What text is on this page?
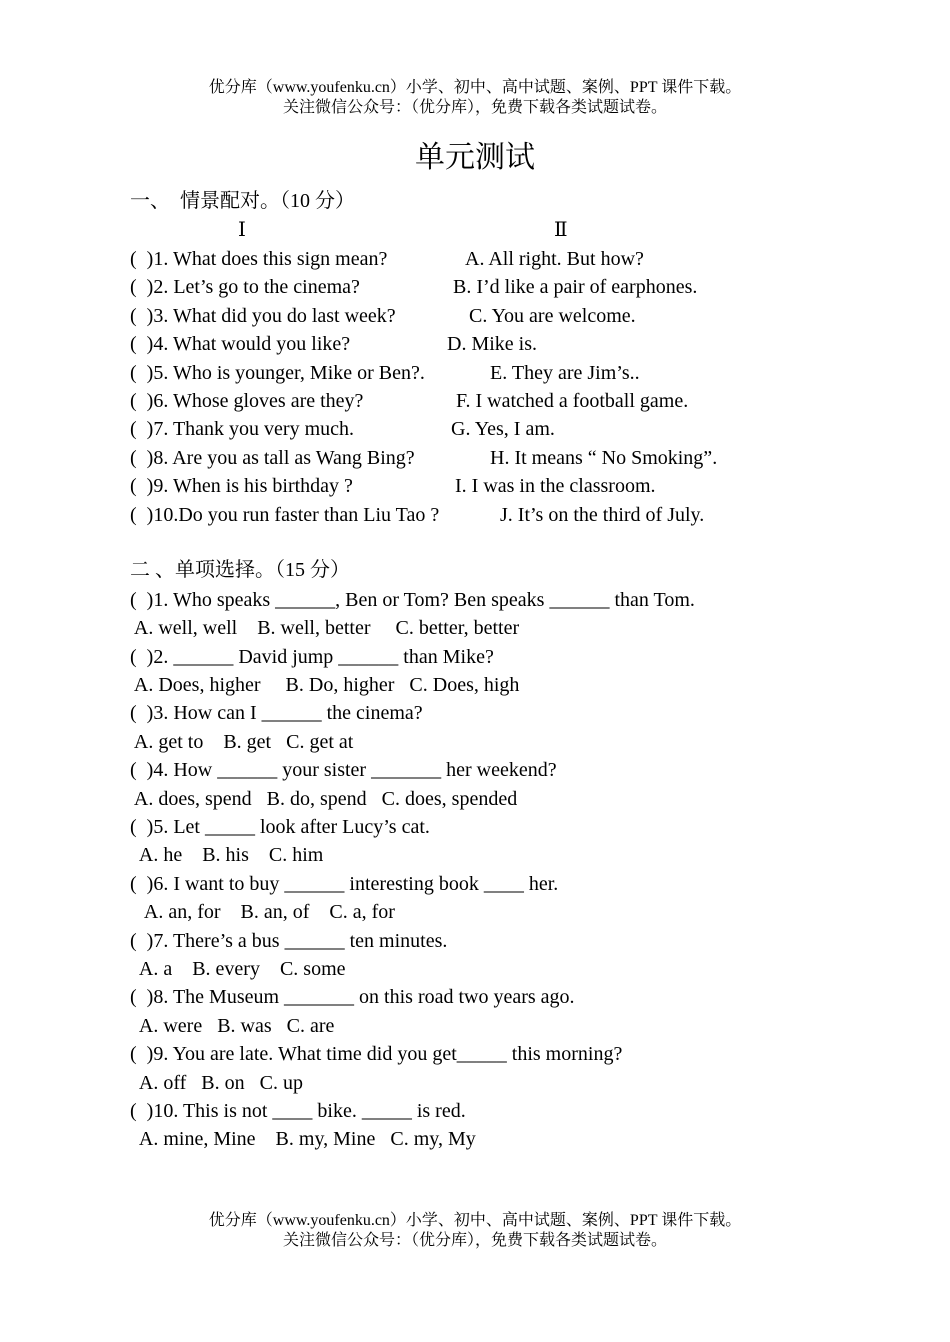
优分库（www.youfenku.cn）小学、初中、高中试题、案例、PPT 课件下载。
关注微信公众号：（优分库），免费下载各类试题试卷。
单元测试
一、  情景配对。（10 分）
Ⅰ	Ⅱ
(  )1. What does this sign mean?	A. All right. But how?
(  )2. Let’s go to the cinema?	B. I’d like a pair of earphones.
(  )3. What did you do last week?	C. You are welcome.
(  )4. What would you like?	D. Mike is.
(  )5. Who is younger, Mike or Ben?.	E. They are Jim’s..
(  )6. Whose gloves are they?	F. I watched a football game.
(  )7. Thank you very much.	G. Yes, I am.
(  )8. Are you as tall as Wang Bing?	H. It means “ No Smoking”.
(  )9. When is his birthday ?	I. I was in the classroom.
(  )10.Do you run faster than Liu Tao ?	J. It’s on the third of July.
二 、单项选择。（15 分）
(  )1. Who speaks ______, Ben or Tom? Ben speaks ______ than Tom.
A. well, well    B. well, better     C. better, better
(  )2. ______ David jump ______ than Mike?
A. Does, higher     B. Do, higher   C. Does, high
(  )3. How can I ______ the cinema?
A. get to    B. get   C. get at
(  )4. How ______ your sister _______ her weekend?
A. does, spend   B. do, spend   C. does, spended
(  )5. Let _____ look after Lucy’s cat.
A. he    B. his    C. him
(  )6. I want to buy ______ interesting book ____ her.
A. an, for    B. an, of    C. a, for
(  )7. There’s a bus ______ ten minutes.
A. a    B. every    C. some
(  )8. The Museum _______ on this road two years ago.
A. were   B. was   C. are
(  )9. You are late. What time did you get_____ this morning?
A. off   B. on   C. up
(  )10. This is not ____ bike. _____ is red.
A. mine, Mine    B. my, Mine   C. my, My
优分库（www.youfenku.cn）小学、初中、高中试题、案例、PPT 课件下载。
关注微信公众号：（优分库），免费下载各类试题试卷。
